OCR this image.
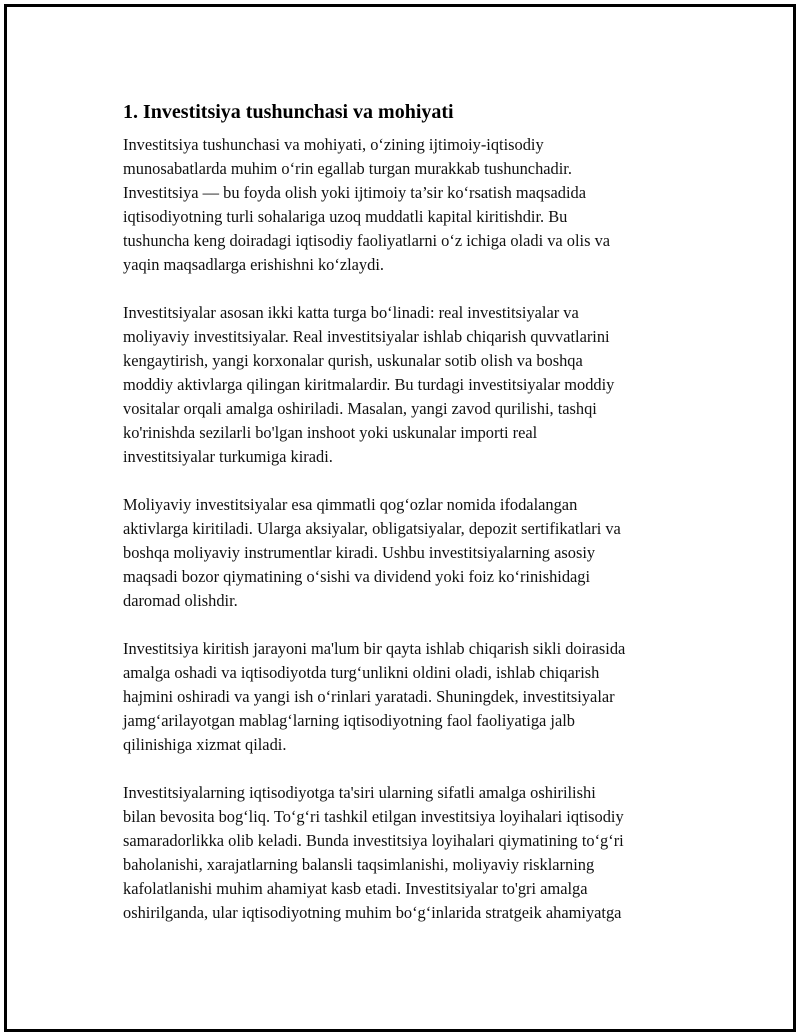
1. Investitsiya tushunchasi va mohiyati

Investitsiya tushunchasi va mohiyati, o‘zining ijtimoiy-iqtisodiy
munosabatlarda muhim o‘rin egallab turgan murakkab tushunchadir.
Investitsiya — bu foyda olish yoki ijtimoiy ta’sir ko‘rsatish maqsadida
iqtisodiyotning turli sohalariga uzoq muddatli kapital kiritishdir. Bu
tushuncha keng doiradagi iqtisodiy faoliyatlarni o‘z ichiga oladi va olis va
yaqin maqsadlarga erishishni ko‘zlaydi.

Investitsiyalar asosan ikki katta turga bo‘linadi: real investitsiyalar va
moliyaviy investitsiyalar. Real investitsiyalar ishlab chiqarish quvvatlarini
kengaytirish, yangi korxonalar qurish, uskunalar sotib olish va boshqa
moddiy aktivlarga qilingan kiritmalardir. Bu turdagi investitsiyalar moddiy
vositalar orqali amalga oshiriladi. Masalan, yangi zavod qurilishi, tashqi
ko'rinishda sezilarli bo'lgan inshoot yoki uskunalar importi real
investitsiyalar turkumiga kiradi.

Moliyaviy investitsiyalar esa qimmatli qog‘ozlar nomida ifodalangan
aktivlarga kiritiladi. Ularga aksiyalar, obligatsiyalar, depozit sertifikatlari va
boshqa moliyaviy instrumentlar kiradi. Ushbu investitsiyalarning asosiy
maqsadi bozor qiymatining o‘sishi va dividend yoki foiz ko‘rinishidagi
daromad olishdir.

Investitsiya kiritish jarayoni ma'lum bir qayta ishlab chiqarish sikli doirasida
amalga oshadi va iqtisodiyotda turg‘unlikni oldini oladi, ishlab chiqarish
hajmini oshiradi va yangi ish o‘rinlari yaratadi. Shuningdek, investitsiyalar
jamg‘arilayotgan mablag‘larning iqtisodiyotning faol faoliyatiga jalb
qilinishiga xizmat qiladi.

Investitsiyalarning iqtisodiyotga ta'siri ularning sifatli amalga oshirilishi
bilan bevosita bog‘liq. To‘g‘ri tashkil etilgan investitsiya loyihalari iqtisodiy
samaradorlikka olib keladi. Bunda investitsiya loyihalari qiymatining to‘g‘ri
baholanishi, xarajatlarning balansli taqsimlanishi, moliyaviy risklarning
kafolatlanishi muhim ahamiyat kasb etadi. Investitsiyalar to'gri amalga
oshirilganda, ular iqtisodiyotning muhim bo‘g‘inlarida stratgeik ahamiyatga
